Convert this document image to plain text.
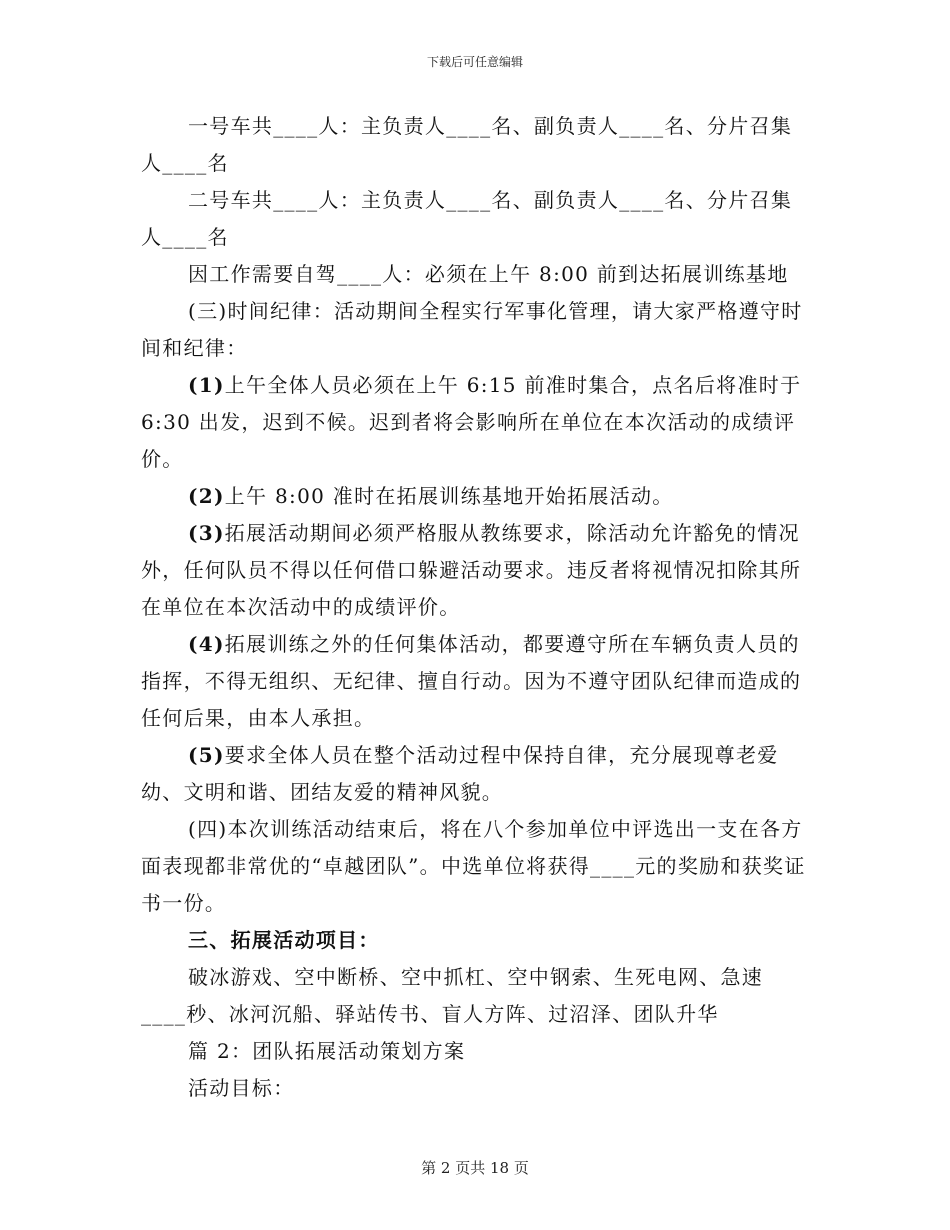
下载后可任意编辑

一号车共____人：主负责人____名、副负责人____名、分片召集人____名

二号车共____人：主负责人____名、副负责人____名、分片召集人____名

因工作需要自驾____人：必须在上午 8:00 前到达拓展训练基地

(三)时间纪律：活动期间全程实行军事化管理，请大家严格遵守时间和纪律：

(1)上午全体人员必须在上午 6:15 前准时集合，点名后将准时于 6:30 出发，迟到不候。迟到者将会影响所在单位在本次活动的成绩评价。

(2)上午 8:00 准时在拓展训练基地开始拓展活动。

(3)拓展活动期间必须严格服从教练要求，除活动允许豁免的情况外，任何队员不得以任何借口躲避活动要求。违反者将视情况扣除其所在单位在本次活动中的成绩评价。

(4)拓展训练之外的任何集体活动，都要遵守所在车辆负责人员的指挥，不得无组织、无纪律、擅自行动。因为不遵守团队纪律而造成的任何后果，由本人承担。

(5)要求全体人员在整个活动过程中保持自律，充分展现尊老爱幼、文明和谐、团结友爱的精神风貌。

(四)本次训练活动结束后，将在八个参加单位中评选出一支在各方面表现都非常优的“卓越团队”。中选单位将获得____元的奖励和获奖证书一份。

三、拓展活动项目：

破冰游戏、空中断桥、空中抓杠、空中钢索、生死电网、急速____秒、冰河沉船、驿站传书、盲人方阵、过沼泽、团队升华

篇 2：团队拓展活动策划方案

活动目标：

第 2 页共 18 页
